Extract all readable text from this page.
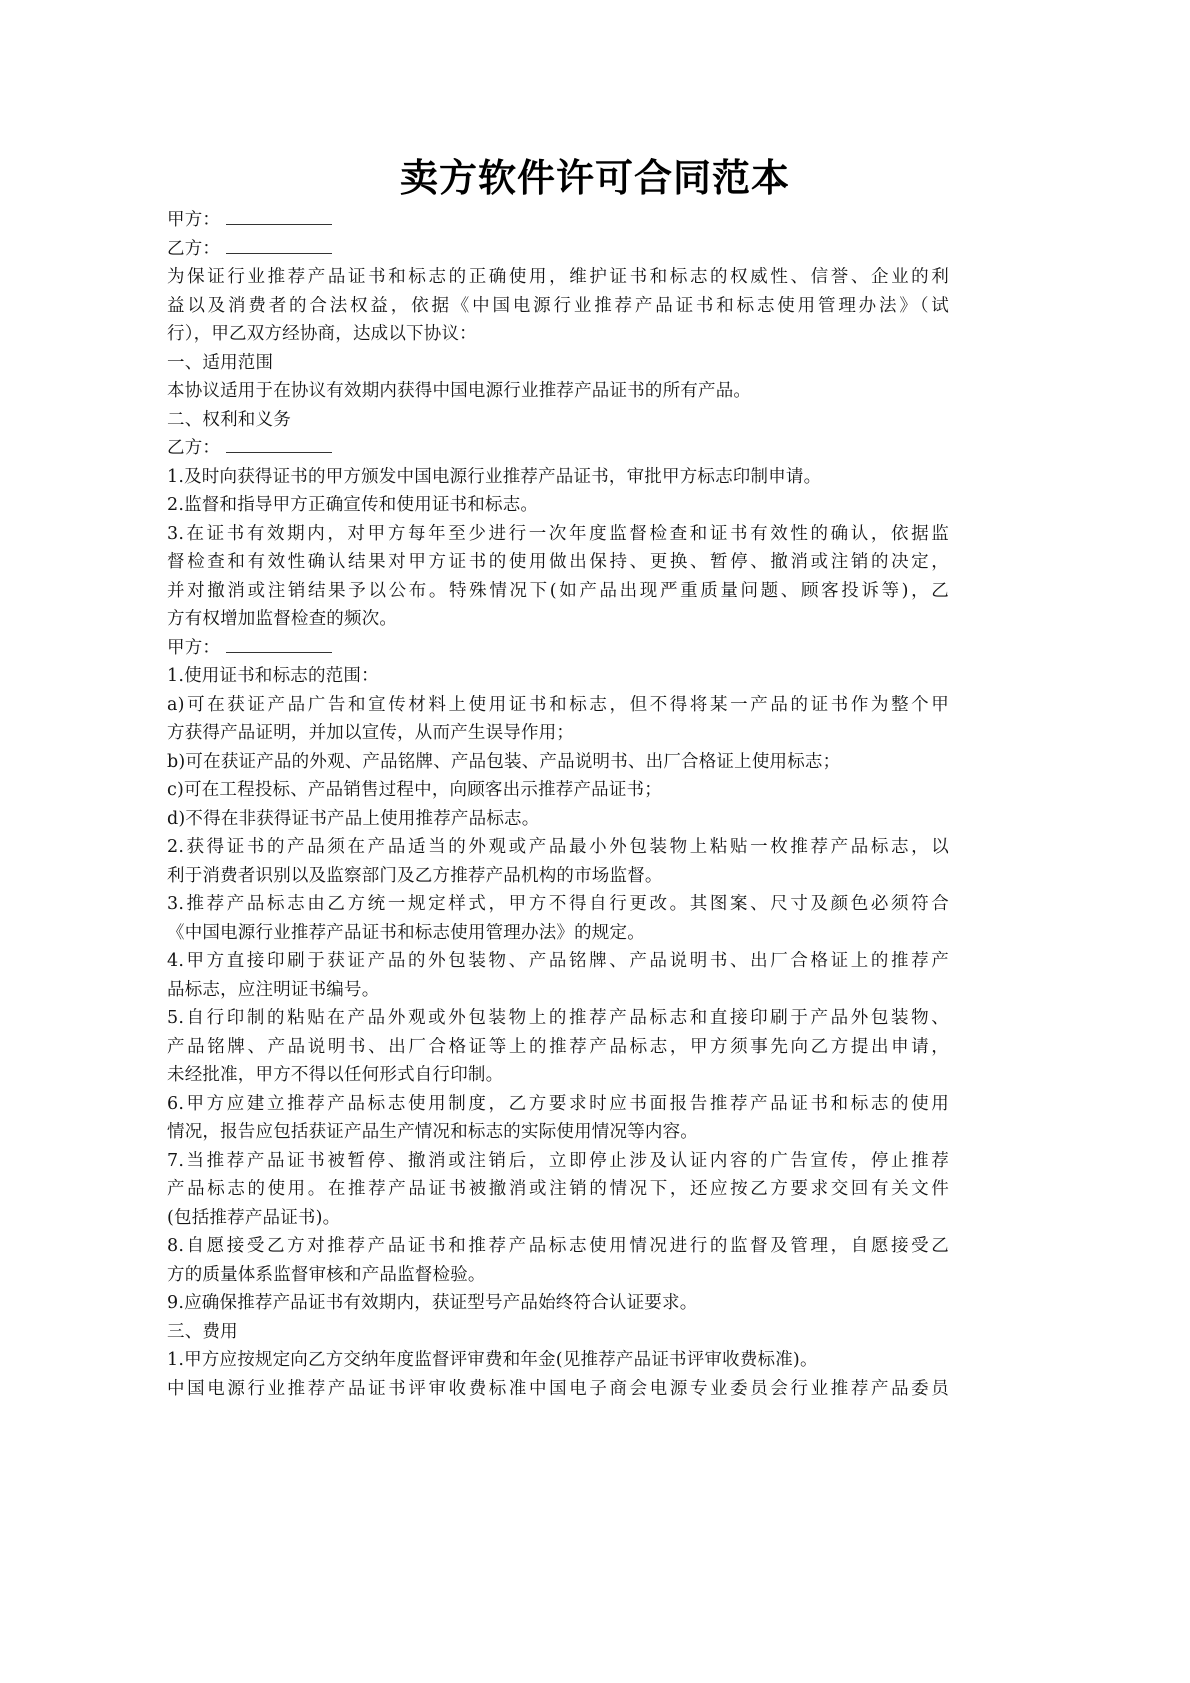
卖方软件许可合同范本
甲方：
乙方：
为保证行业推荐产品证书和标志的正确使用，维护证书和标志的权威性、信誉、企业的利
益以及消费者的合法权益，依据《中国电源行业推荐产品证书和标志使用管理办法》（试
行），甲乙双方经协商，达成以下协议：
一、适用范围
本协议适用于在协议有效期内获得中国电源行业推荐产品证书的所有产品。
二、权利和义务
乙方：
1.及时向获得证书的甲方颁发中国电源行业推荐产品证书，审批甲方标志印制申请。
2.监督和指导甲方正确宣传和使用证书和标志。
3.在证书有效期内，对甲方每年至少进行一次年度监督检查和证书有效性的确认，依据监
督检查和有效性确认结果对甲方证书的使用做出保持、更换、暂停、撤消或注销的决定，
并对撤消或注销结果予以公布。特殊情况下(如产品出现严重质量问题、顾客投诉等)，乙
方有权增加监督检查的频次。
甲方：
1.使用证书和标志的范围：
a)可在获证产品广告和宣传材料上使用证书和标志，但不得将某一产品的证书作为整个甲
方获得产品证明，并加以宣传，从而产生误导作用；
b)可在获证产品的外观、产品铭牌、产品包装、产品说明书、出厂合格证上使用标志；
c)可在工程投标、产品销售过程中，向顾客出示推荐产品证书；
d)不得在非获得证书产品上使用推荐产品标志。
2.获得证书的产品须在产品适当的外观或产品最小外包装物上粘贴一枚推荐产品标志，以
利于消费者识别以及监察部门及乙方推荐产品机构的市场监督。
3.推荐产品标志由乙方统一规定样式，甲方不得自行更改。其图案、尺寸及颜色必须符合
《中国电源行业推荐产品证书和标志使用管理办法》的规定。
4.甲方直接印刷于获证产品的外包装物、产品铭牌、产品说明书、出厂合格证上的推荐产
品标志，应注明证书编号。
5.自行印制的粘贴在产品外观或外包装物上的推荐产品标志和直接印刷于产品外包装物、
产品铭牌、产品说明书、出厂合格证等上的推荐产品标志，甲方须事先向乙方提出申请，
未经批准，甲方不得以任何形式自行印制。
6.甲方应建立推荐产品标志使用制度，乙方要求时应书面报告推荐产品证书和标志的使用
情况，报告应包括获证产品生产情况和标志的实际使用情况等内容。
7.当推荐产品证书被暂停、撤消或注销后，立即停止涉及认证内容的广告宣传，停止推荐
产品标志的使用。在推荐产品证书被撤消或注销的情况下，还应按乙方要求交回有关文件
(包括推荐产品证书)。
8.自愿接受乙方对推荐产品证书和推荐产品标志使用情况进行的监督及管理，自愿接受乙
方的质量体系监督审核和产品监督检验。
9.应确保推荐产品证书有效期内，获证型号产品始终符合认证要求。
三、费用
1.甲方应按规定向乙方交纳年度监督评审费和年金(见推荐产品证书评审收费标准)。
中国电源行业推荐产品证书评审收费标准中国电子商会电源专业委员会行业推荐产品委员
